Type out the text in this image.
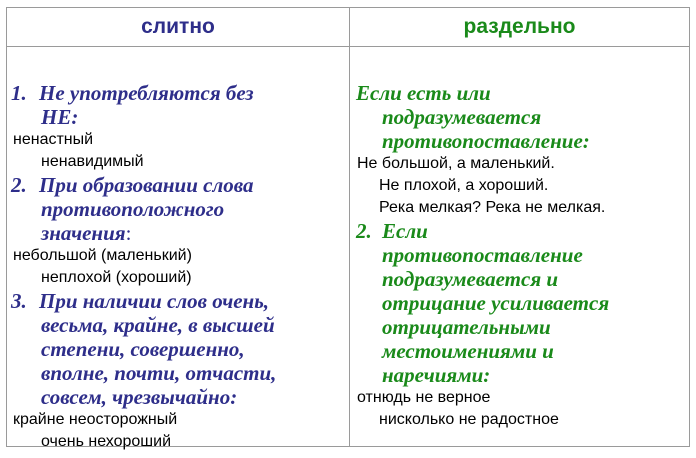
слитно	раздельно
1. Не употребляются без
НЕ:
ненастный
ненавидимый
2. При образовании слова
противоположного
значения:
небольшой (маленький)
неплохой (хороший)
3. При наличии слов очень,
весьма, крайне, в высшей
степени, совершенно,
вполне, почти, отчасти,
совсем, чрезвычайно:
крайне неосторожный
очень нехороший
Если есть или
подразумевается
противопоставление:
Не большой, а маленький.
Не плохой, а хороший.
Река мелкая? Река не мелкая.
2. Если
противопоставление
подразумевается и
отрицание усиливается
отрицательными
местоимениями и
наречиями:
отнюдь не верное
нисколько не радостное
